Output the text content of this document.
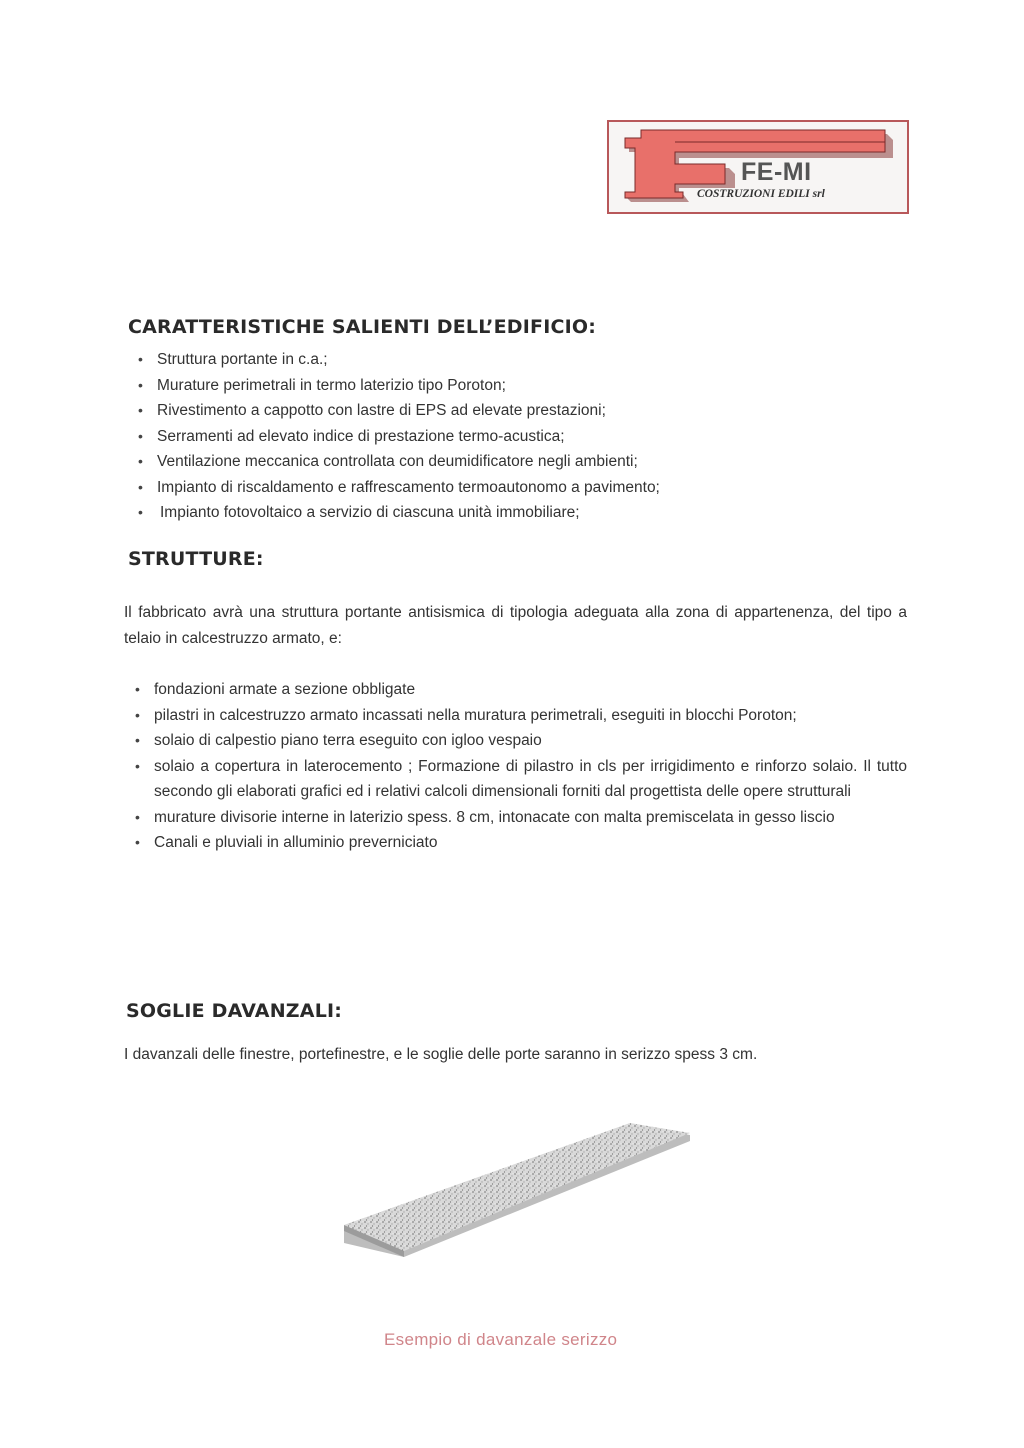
FE-MI
COSTRUZIONI EDILI srl
CARATTERISTICHE SALIENTI DELL’EDIFICIO:
• Struttura portante in c.a.;
• Murature perimetrali in termo laterizio tipo Poroton;
• Rivestimento a cappotto con lastre di EPS ad elevate prestazioni;
• Serramenti ad elevato indice di prestazione termo-acustica;
• Ventilazione meccanica controllata con deumidificatore negli ambienti;
• Impianto di riscaldamento e raffrescamento termoautonomo a pavimento;
• Impianto fotovoltaico a servizio di ciascuna unità immobiliare;
STRUTTURE:

Il fabbricato avrà una struttura portante antisismica di tipologia adeguata alla zona di appartenenza, del tipo a telaio in calcestruzzo armato, e:

• fondazioni armate a sezione obbligate
• pilastri in calcestruzzo armato incassati nella muratura perimetrali, eseguiti in blocchi Poroton;
• solaio di calpestio piano terra eseguito con igloo vespaio
• solaio a copertura in laterocemento ; Formazione di pilastro in cls per irrigidimento e rinforzo solaio. Il tutto secondo gli elaborati grafici ed i relativi calcoli dimensionali forniti dal progettista delle opere strutturali
• murature divisorie interne in laterizio spess. 8 cm, intonacate con malta premiscelata in gesso liscio
• Canali e pluviali in alluminio preverniciato
SOGLIE DAVANZALI:

I davanzali delle finestre, portefinestre, e le soglie delle porte saranno in serizzo spess 3 cm.

Esempio di davanzale serizzo
